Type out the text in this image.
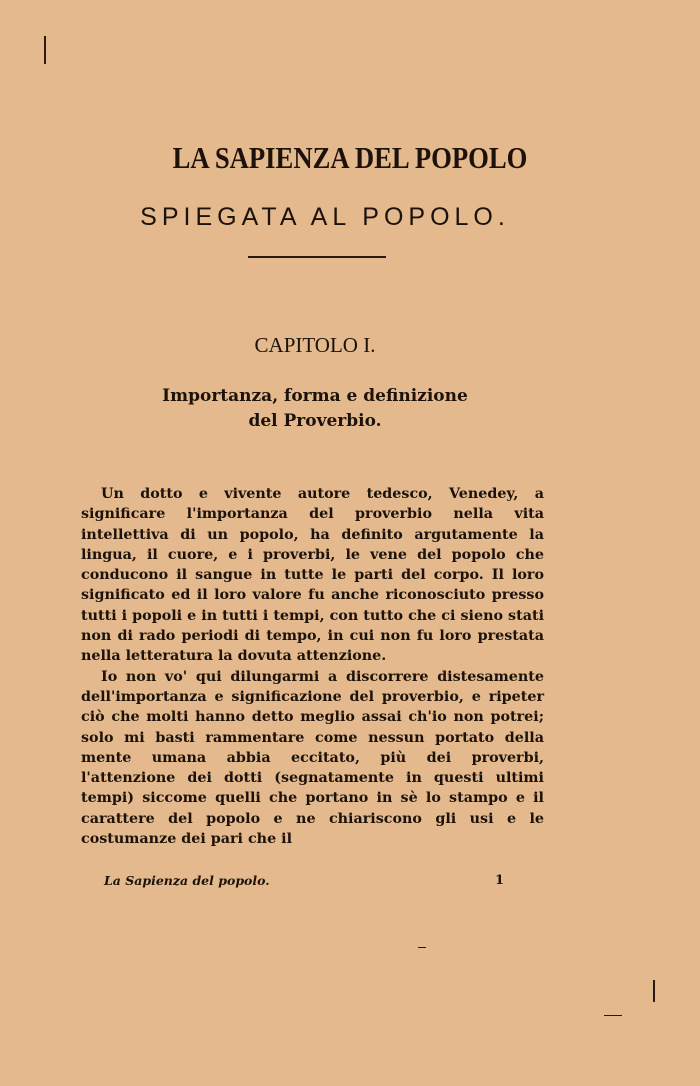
LA SAPIENZA DEL POPOLO
SPIEGATA AL POPOLO.
CAPITOLO I.
Importanza, forma e definizione
del Proverbio.

Un dotto e vivente autore tedesco, Venedey, a significare l'importanza del proverbio nella vita intellettiva di un popolo, ha definito argutamente la lingua, il cuore, e i proverbi, le vene del popolo che conducono il sangue in tutte le parti del corpo. Il loro significato ed il loro valore fu anche riconosciuto presso tutti i popoli e in tutti i tempi, con tutto che ci sieno stati non di rado periodi di tempo, in cui non fu loro prestata nella letteratura la dovuta attenzione.

Io non vo' qui dilungarmi a discorrere distesamente dell'importanza e significazione del proverbio, e ripeter ciò che molti hanno detto meglio assai ch'io non potrei; solo mi basti rammentare come nessun portato della mente umana abbia eccitato, più dei proverbi, l'attenzione dei dotti (segnatamente in questi ultimi tempi) siccome quelli che portano in sè lo stampo e il carattere del popolo e ne chiariscono gli usi e le costumanze dei pari che il

La Sapienza del popolo.	1
